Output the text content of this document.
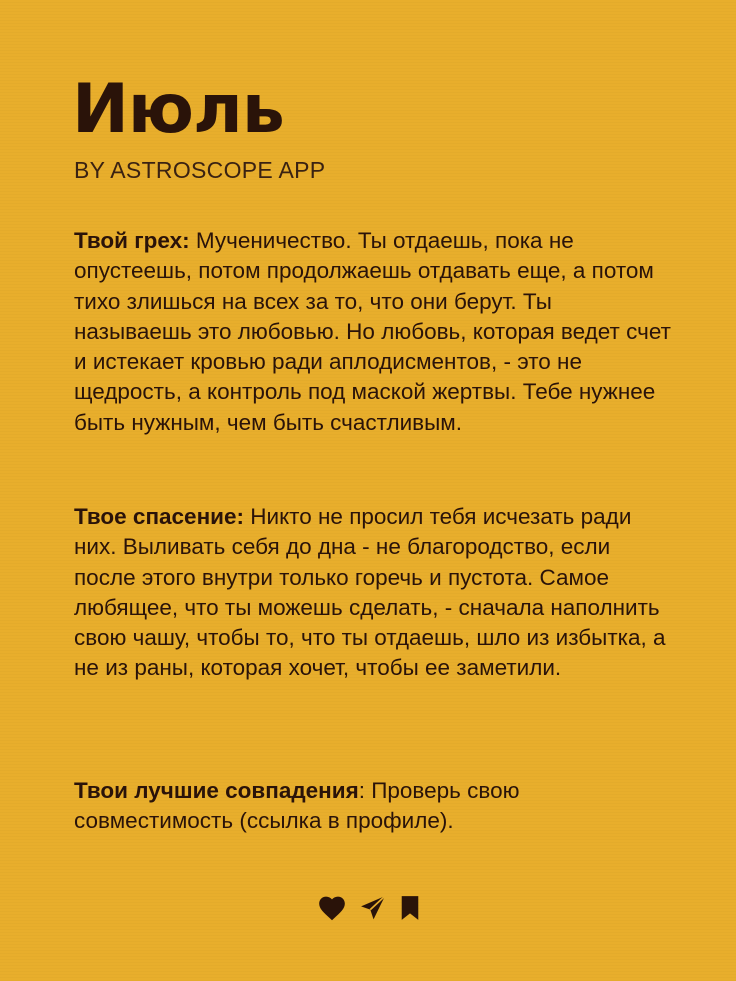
Июль
BY ASTROSCOPE APP

Твой грех: Мученичество. Ты отдаешь, пока не опустеешь, потом продолжаешь отдавать еще, а потом тихо злишься на всех за то, что они берут. Ты называешь это любовью. Но любовь, которая ведет счет и истекает кровью ради аплодисментов, - это не щедрость, а контроль под маской жертвы. Тебе нужнее быть нужным, чем быть счастливым.

Твое спасение: Никто не просил тебя исчезать ради них. Выливать себя до дна - не благородство, если после этого внутри только горечь и пустота. Самое любящее, что ты можешь сделать, - сначала наполнить свою чашу, чтобы то, что ты отдаешь, шло из избытка, а не из раны, которая хочет, чтобы ее заметили.

Твои лучшие совпадения: Проверь свою совместимость (ссылка в профиле).
